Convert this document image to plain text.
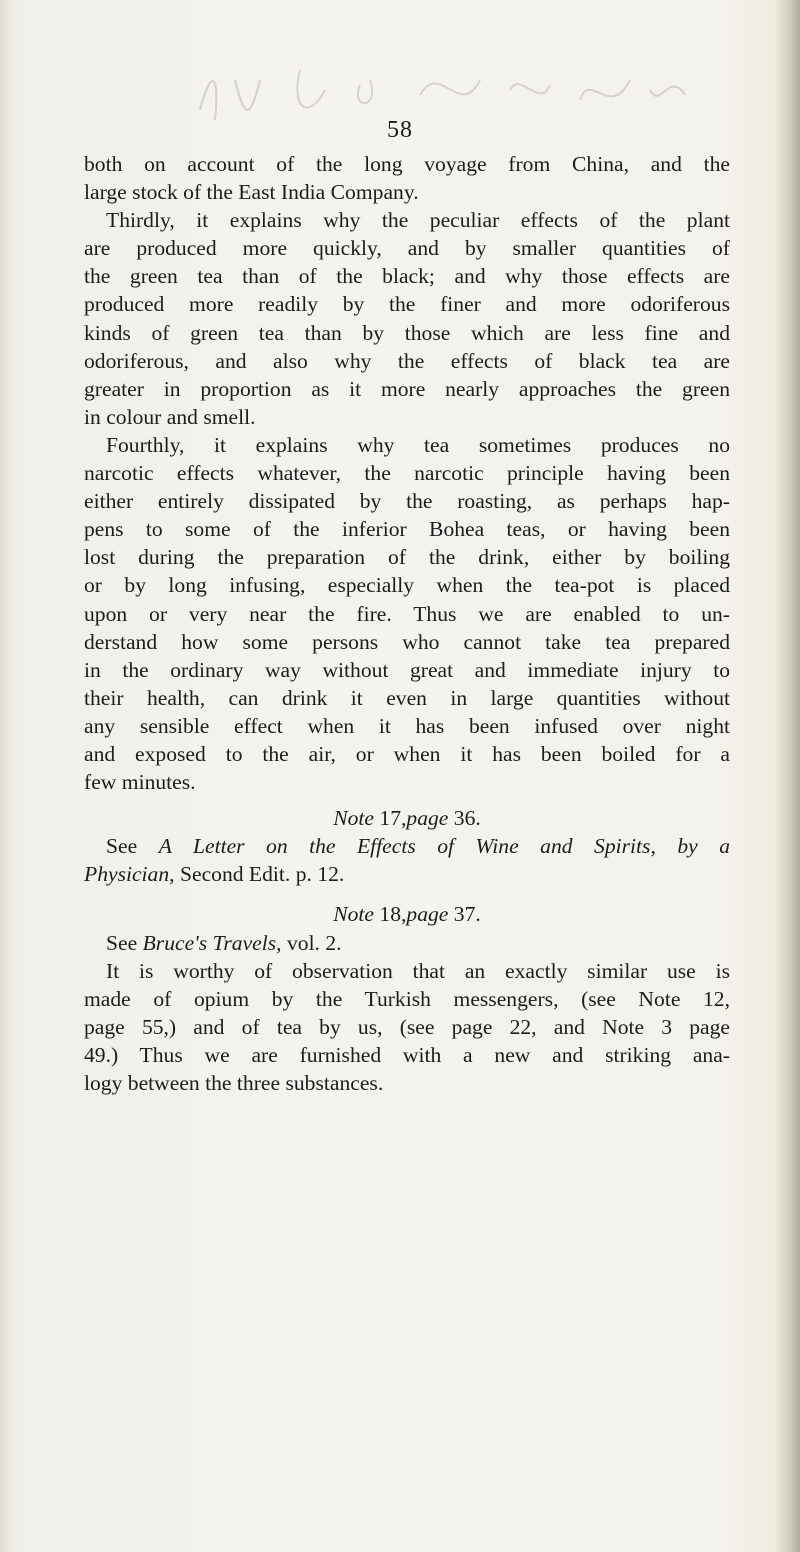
58
both on account of the long voyage from China, and the
large stock of the East India Company.
Thirdly, it explains why the peculiar effects of the plant
are produced more quickly, and by smaller quantities of
the green tea than of the black; and why those effects are
produced more readily by the finer and more odoriferous
kinds of green tea than by those which are less fine and
odoriferous, and also why the effects of black tea are
greater in proportion as it more nearly approaches the green
in colour and smell.
Fourthly, it explains why tea sometimes produces no
narcotic effects whatever, the narcotic principle having been
either entirely dissipated by the roasting, as perhaps hap-
pens to some of the inferior Bohea teas, or having been
lost during the preparation of the drink, either by boiling
or by long infusing, especially when the tea-pot is placed
upon or very near the fire. Thus we are enabled to un-
derstand how some persons who cannot take tea prepared
in the ordinary way without great and immediate injury to
their health, can drink it even in large quantities without
any sensible effect when it has been infused over night
and exposed to the air, or when it has been boiled for a
few minutes.
Note 17,page 36.
See A Letter on the Effects of Wine and Spirits, by a
Physician, Second Edit. p. 12.
Note 18,page 37.
See Bruce's Travels, vol. 2.
It is worthy of observation that an exactly similar use is
made of opium by the Turkish messengers, (see Note 12,
page 55,) and of tea by us, (see page 22, and Note 3 page
49.) Thus we are furnished with a new and striking ana-
logy between the three substances.
